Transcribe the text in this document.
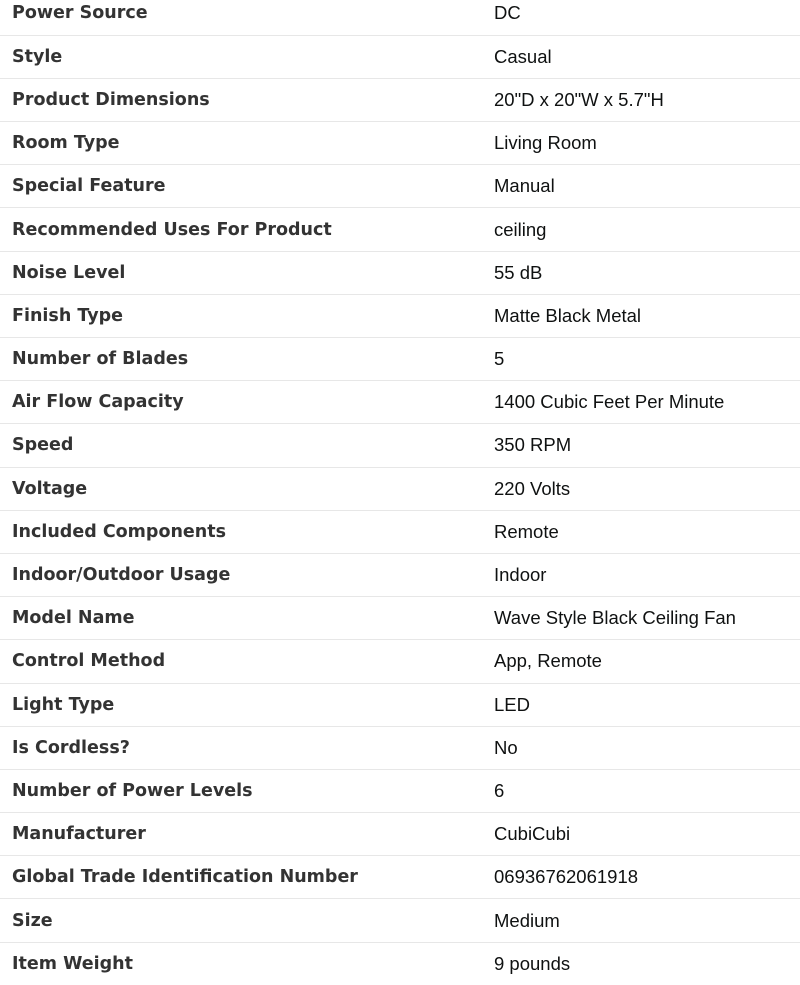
Power Source	DC
Style	Casual
Product Dimensions	20"D x 20"W x 5.7"H
Room Type	Living Room
Special Feature	Manual
Recommended Uses For Product	ceiling
Noise Level	55 dB
Finish Type	Matte Black Metal
Number of Blades	5
Air Flow Capacity	1400 Cubic Feet Per Minute
Speed	350 RPM
Voltage	220 Volts
Included Components	Remote
Indoor/Outdoor Usage	Indoor
Model Name	Wave Style Black Ceiling Fan
Control Method	App, Remote
Light Type	LED
Is Cordless?	No
Number of Power Levels	6
Manufacturer	CubiCubi
Global Trade Identification Number	06936762061918
Size	Medium
Item Weight	9 pounds
